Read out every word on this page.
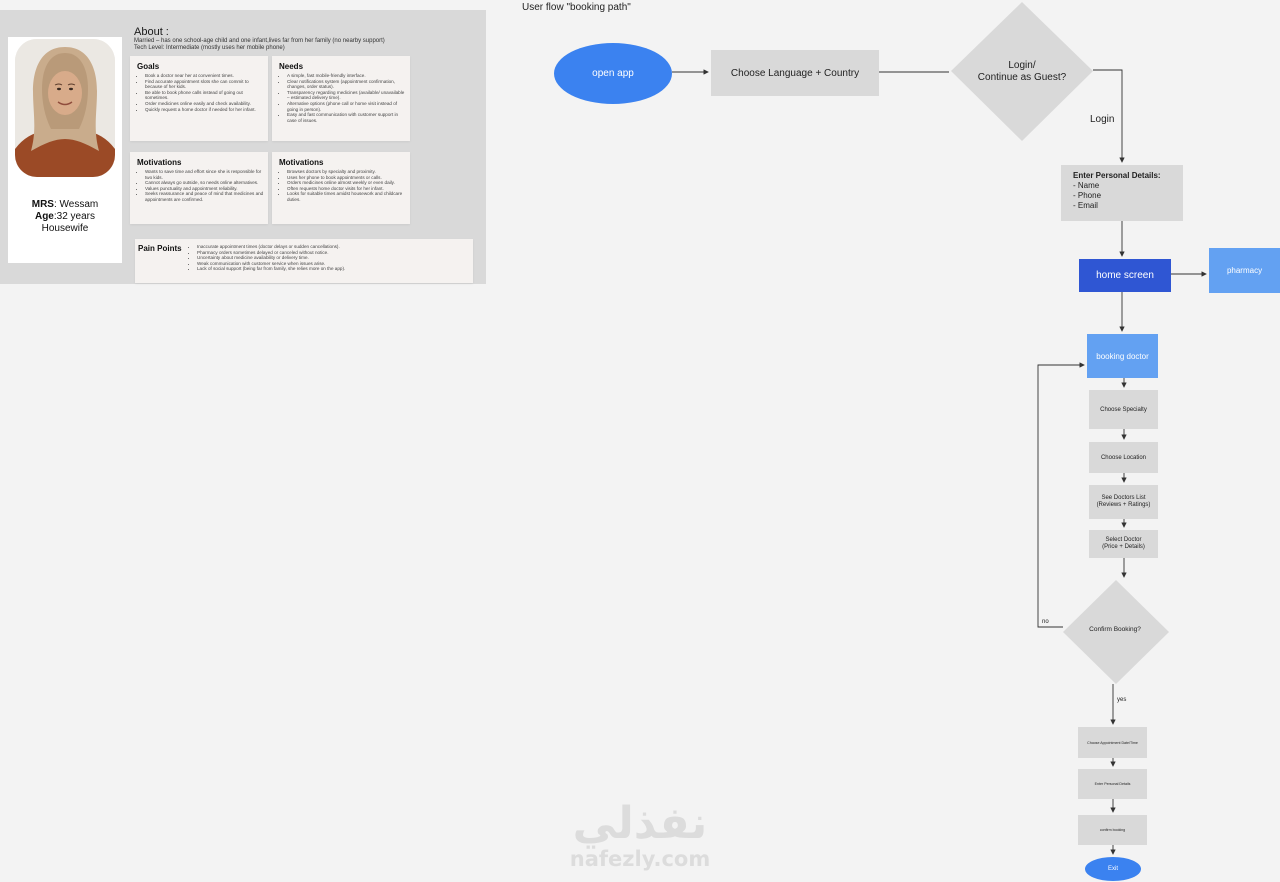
MRS: Wessam
Age:32 years
Housewife
About :
Married – has one school-age child and one infant,lives far from her family (no nearby support)
Tech Level: Intermediate (mostly uses her mobile phone)
Goals
• Book a doctor near her at convenient times.
• Find accurate appointment slots she can commit to because of her kids.
• Be able to book phone calls instead of going out sometimes.
• Order medicines online easily and check availability.
• Quickly request a home doctor if needed for her infant.
Needs
• A simple, fast mobile-friendly interface.
• Clear notifications system (appointment confirmation, changes, order status).
• Transparency regarding medicines (available/ unavailable – estimated delivery time).
• Alternative options (phone call or home visit instead of going in person).
• Easy and fast communication with customer support in case of issues.
Motivations
• Wants to save time and effort since she is responsible for two kids.
• Cannot always go outside, so needs online alternatives.
• Values punctuality and appointment reliability.
• Seeks reassurance and peace of mind that medicines and appointments are confirmed.
Motivations
• Browses doctors by specialty and proximity.
• Uses her phone to book appointments or calls.
• Orders medicines online almost weekly or even daily.
• Often requests home doctor visits for her infant.
• Looks for suitable times amidst housework and childcare duties.
Pain Points
•	Inaccurate appointment times (doctor delays or sudden cancellations).
• Pharmacy orders sometimes delayed or canceled without notice.
• Uncertainty about medicine availability or delivery time.
• Weak communication with customer service when issues arise.
• Lack of social support (being far from family, she relies more on the app).
User flow "booking path"
open app	Choose Language + Country
Login/
Continue as Guest?
Login
Enter Personal Details:
- Name
- Phone
- Email
home screen	pharmacy
booking doctor
Choose Specialty
Choose Location
See Doctors List
(Reviews + Ratings)
Select Doctor
(Price + Details)
Confirm Booking?
no
yes
Choose Appointment Date/Time
Enter Personal Details
confirm booking
Exit
نفذلي
nafezly.com
